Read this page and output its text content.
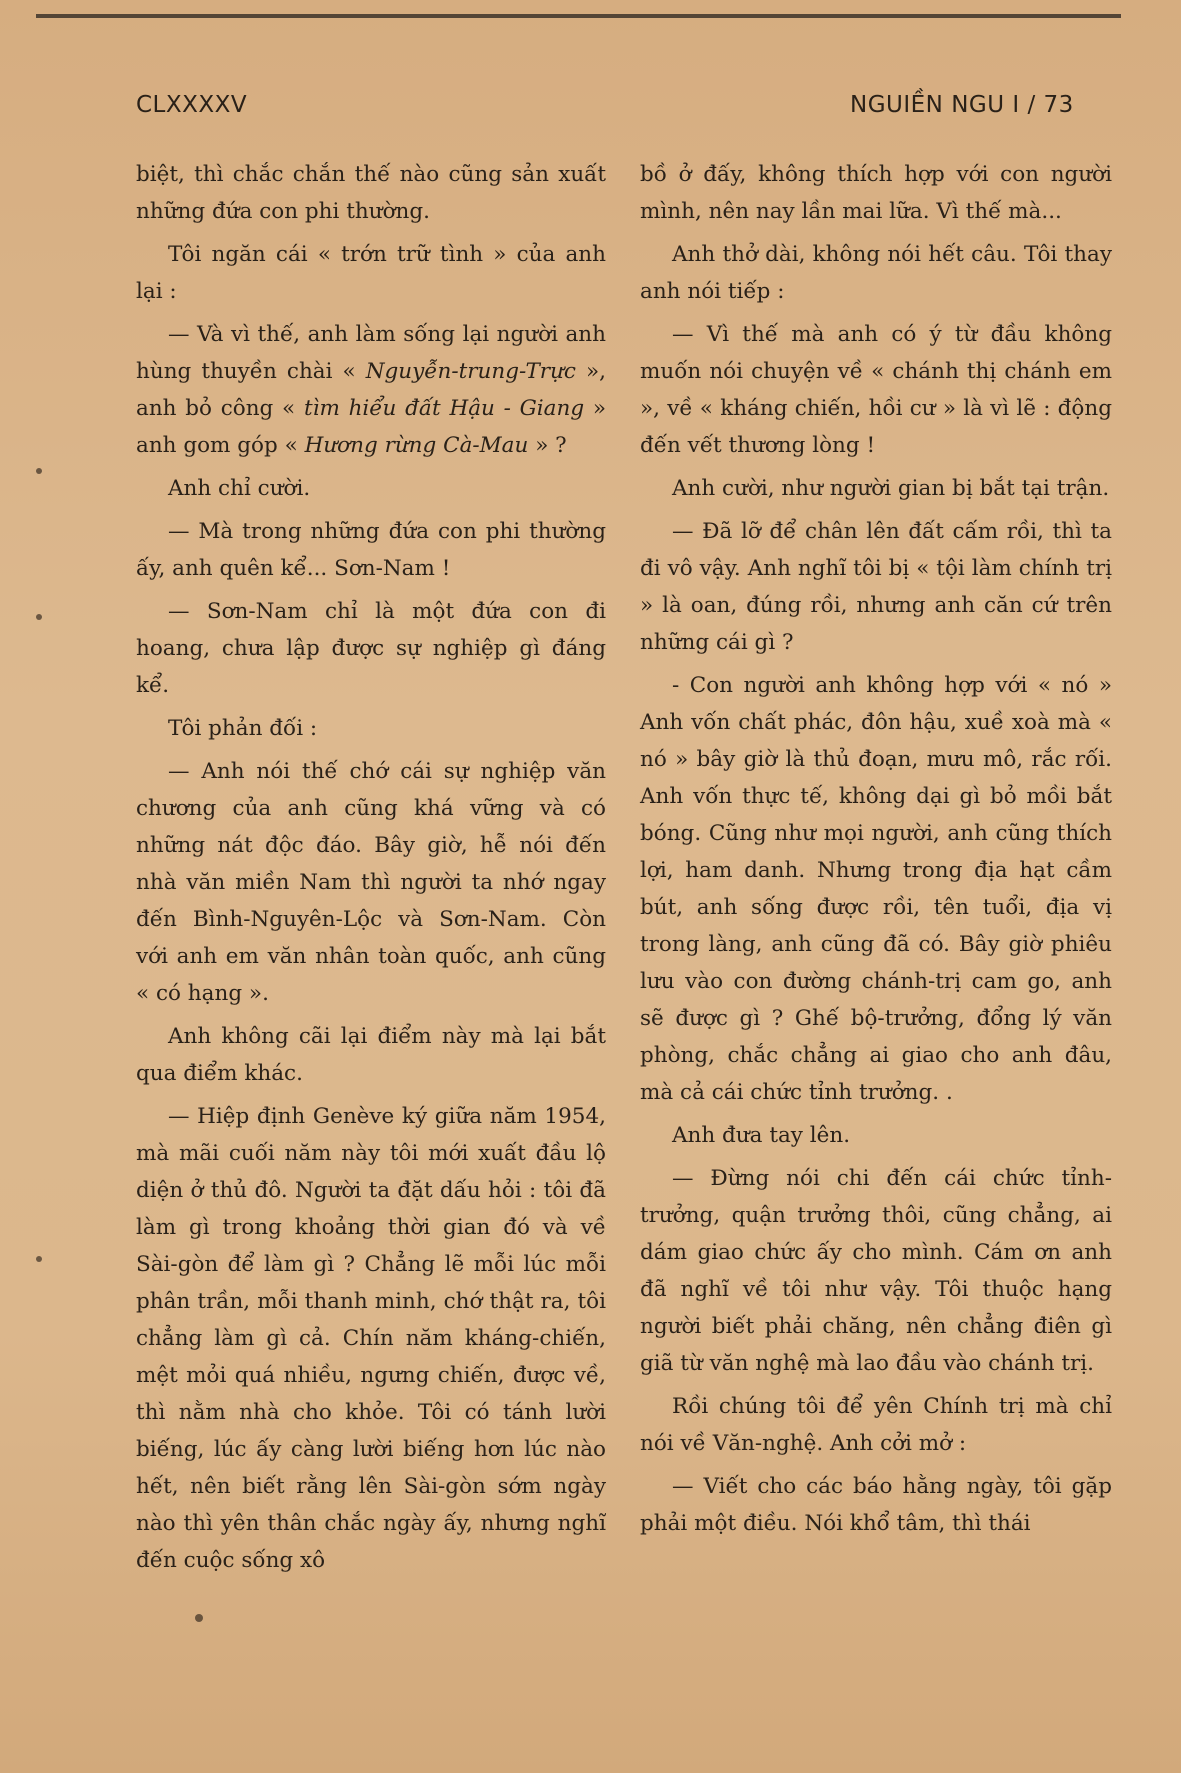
CLXXXXV	NGUIỀN NGU I / 73

biệt, thì chắc chắn thế nào cũng sản xuất những đứa con phi thường.

Tôi ngăn cái « trớn trữ tình » của anh lại :

— Và vì thế, anh làm sống lại người anh hùng thuyền chài « Nguyễn-trung-Trực », anh bỏ công « tìm hiểu đất Hậu - Giang » anh gom góp « Hương rừng Cà-Mau » ?

Anh chỉ cười.

— Mà trong những đứa con phi thường ấy, anh quên kể... Sơn-Nam !

— Sơn-Nam chỉ là một đứa con đi hoang, chưa lập được sự nghiệp gì đáng kể.

Tôi phản đối :

— Anh nói thế chớ cái sự nghiệp văn chương của anh cũng khá vững và có những nát độc đáo. Bây giờ, hễ nói đến nhà văn miền Nam thì người ta nhớ ngay đến Bình-Nguyên-Lộc và Sơn-Nam. Còn với anh em văn nhân toàn quốc, anh cũng « có hạng ».

Anh không cãi lại điểm này mà lại bắt qua điểm khác.

— Hiệp định Genève ký giữa năm 1954, mà mãi cuối năm này tôi mới xuất đầu lộ diện ở thủ đô. Người ta đặt dấu hỏi : tôi đã làm gì trong khoảng thời gian đó và về Sài-gòn để làm gì ? Chẳng lẽ mỗi lúc mỗi phân trần, mỗi thanh minh, chớ thật ra, tôi chẳng làm gì cả. Chín năm kháng-chiến, mệt mỏi quá nhiều, ngưng chiến, được về, thì nằm nhà cho khỏe. Tôi có tánh lười biếng, lúc ấy càng lười biếng hơn lúc nào hết, nên biết rằng lên Sài-gòn sớm ngày nào thì yên thân chắc ngày ấy, nhưng nghĩ đến cuộc sống xô

bồ ở đấy, không thích hợp với con người mình, nên nay lần mai lữa. Vì thế mà...

Anh thở dài, không nói hết câu. Tôi thay anh nói tiếp :

— Vì thế mà anh có ý từ đầu không muốn nói chuyện về « chánh thị chánh em », về « kháng chiến, hồi cư » là vì lẽ : động đến vết thương lòng !

Anh cười, như người gian bị bắt tại trận.

— Đã lỡ để chân lên đất cấm rồi, thì ta đi vô vậy. Anh nghĩ tôi bị « tội làm chính trị » là oan, đúng rồi, nhưng anh căn cứ trên những cái gì ?

- Con người anh không hợp với « nó » Anh vốn chất phác, đôn hậu, xuề xoà mà « nó » bây giờ là thủ đoạn, mưu mô, rắc rối. Anh vốn thực tế, không dại gì bỏ mồi bắt bóng. Cũng như mọi người, anh cũng thích lợi, ham danh. Nhưng trong địa hạt cầm bút, anh sống được rồi, tên tuổi, địa vị trong làng, anh cũng đã có. Bây giờ phiêu lưu vào con đường chánh-trị cam go, anh sẽ được gì ? Ghế bộ-trưởng, đổng lý văn phòng, chắc chẳng ai giao cho anh đâu, mà cả cái chức tỉnh trưởng. .

Anh đưa tay lên.

— Đừng nói chi đến cái chức tỉnh-trưởng, quận trưởng thôi, cũng chẳng, ai dám giao chức ấy cho mình. Cám ơn anh đã nghĩ về tôi như vậy. Tôi thuộc hạng người biết phải chăng, nên chẳng điên gì giã từ văn nghệ mà lao đầu vào chánh trị.

Rồi chúng tôi để yên Chính trị mà chỉ nói về Văn-nghệ. Anh cởi mở :

— Viết cho các báo hằng ngày, tôi gặp phải một điều. Nói khổ tâm, thì thái
